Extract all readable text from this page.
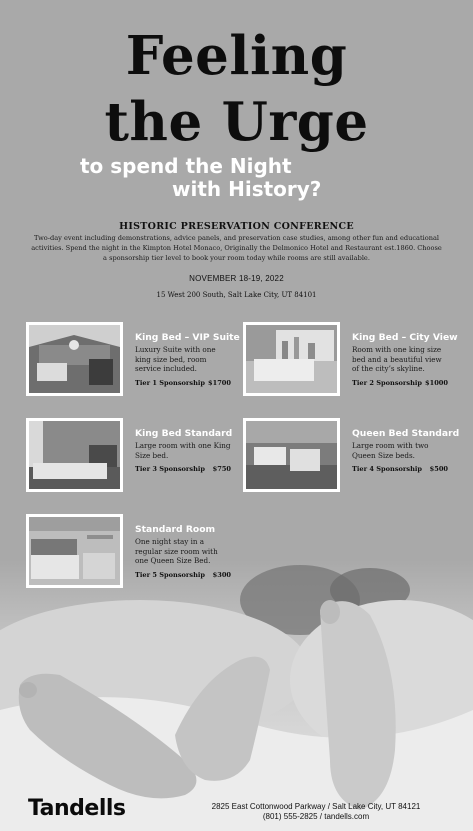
Feeling
the Urge
to spend the Night
with History?
HISTORIC PRESERVATION CONFERENCE
Two-day event including demonstrations, advice panels, and preservation case studies, among other fun and educational activities. Spend the night in the Kimpton Hotel Monaco, Originally the Delmonico Hotel and Restaurant est.1860. Choose a sponsorship tier level to book your room today while rooms are still available.
NOVEMBER 18-19, 2022
15 West 200 South, Salt Lake City, UT 84101
King Bed – VIP Suite
Luxury Suite with one king size bed, room service included.
Tier 1 Sponsorship $1700
King Bed – City View
Room with one king size bed and a beautiful view of the city’s skyline.
Tier 2 Sponsorship $1000
King Bed Standard
Large room with one King Size bed.
Tier 3 Sponsorship $750
Queen Bed Standard
Large room with two Queen Size beds.
Tier 4 Sponsorship $500
Standard Room
One night stay in a regular size room with one Queen Size Bed.
Tier 5 Sponsorship $300
Tandells	2825 East Cottonwood Parkway / Salt Lake City, UT 84121
(801) 555-2825 / tandells.com
